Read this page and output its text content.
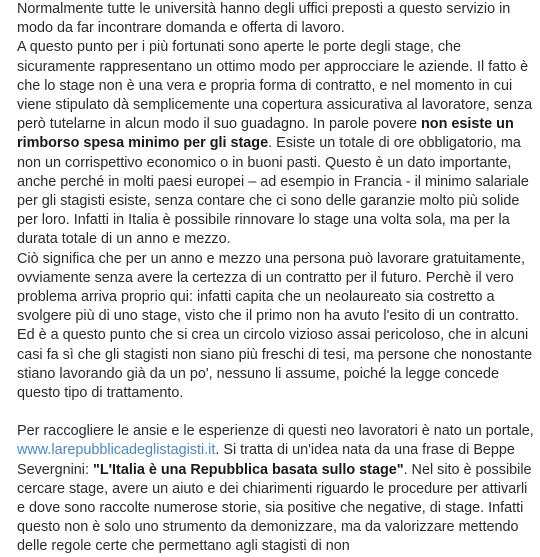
Normalmente tutte le università hanno degli uffici preposti a questo servizio in modo da far incontrare domanda e offerta di lavoro.

A questo punto per i più fortunati sono aperte le porte degli stage, che sicuramente rappresentano un ottimo modo per approcciare le aziende. Il fatto è che lo stage non è una vera e propria forma di contratto, e nel momento in cui viene stipulato dà semplicemente una copertura assicurativa al lavoratore, senza però tutelarne in alcun modo il suo guadagno. In parole povere non esiste un rimborso spesa minimo per gli stage. Esiste un totale di ore obbligatorio, ma non un corrispettivo economico o in buoni pasti. Questo è un dato importante, anche perché in molti paesi europei – ad esempio in Francia - il minimo salariale per gli stagisti esiste, senza contare che ci sono delle garanzie molto più solide per loro. Infatti in Italia è possibile rinnovare lo stage una volta sola, ma per la durata totale di un anno e mezzo.

Ciò significa che per un anno e mezzo una persona può lavorare gratuitamente, ovviamente senza avere la certezza di un contratto per il futuro. Perchè il vero problema arriva proprio qui: infatti capita che un neolaureato sia costretto a svolgere più di uno stage, visto che il primo non ha avuto l'esito di un contratto.

Ed è a questo punto che si crea un circolo vizioso assai pericoloso, che in alcuni casi fa sì che gli stagisti non siano più freschi di tesi, ma persone che nonostante stiano lavorando già da un po', nessuno li assume, poiché la legge concede questo tipo di trattamento.

Per raccogliere le ansie e le esperienze di questi neo lavoratori è nato un portale, www.larepubblicadeglistagisti.it. Si tratta di un'idea nata da una frase di Beppe Severgnini: "L'Italia è una Repubblica basata sullo stage". Nel sito è possibile cercare stage, avere un aiuto e dei chiarimenti riguardo le procedure per attivarli e dove sono raccolte numerose storie, sia positive che negative, di stage. Infatti questo non è solo uno strumento da demonizzare, ma da valorizzare mettendo delle regole certe che permettano agli stagisti di non
